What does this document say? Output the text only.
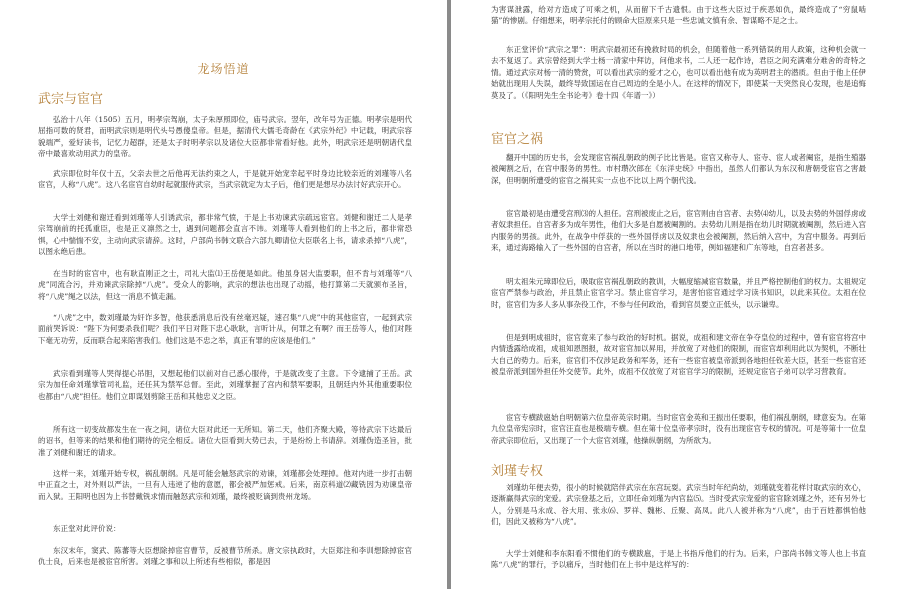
龙场悟道
武宗与宦官

弘治十八年（1505）五月，明孝宗驾崩，太子朱厚照即位，庙号武宗。翌年，改年号为正德。明孝宗是明代屈指可数的贤君，而明武宗则是明代头号愚傻皇帝。但是，据清代大儒毛奇龄在《武宗外纪》中记载，明武宗容貌端严，爱好读书，记忆力超群，还是太子时明孝宗以及诸位大臣都非常看好他。此外，明武宗还是明朝诸代皇帝中最喜欢动用武力的皇帝。

武宗即位时年仅十五，父亲去世之后他再无法约束之人，于是就开始宠幸起平时身边比较亲近的刘瑾等八名宦官，人称“八虎”。这八名宦官自幼时起就服侍武宗，当武宗就定为太子后，他们更是想尽办法讨好武宗开心。

大学士刘健和谢迁看到刘瑾等人引诱武宗，都非常气愤，于是上书劝谏武宗疏远宦官。刘健和谢迁二人是孝宗驾崩前的托孤重臣，也是正义凛然之士，遇到问题都会直言不讳。刘瑾等人看到他们的上书之后，都非常恐惧，心中惴惴不安，主动向武宗请辞。这时，户部尚书韩文联合六部九卿请位大臣联名上书，请求杀掉“八虎”，以图永绝后患。

在当时的宦官中，也有耿直刚正之士，司礼大监⑴王岳便是如此。他虽身居大监要职，但不肯与刘瑾等“八虎”同流合污，并劝谏武宗除掉“八虎”。受众人的影响，武宗的想法也出现了动摇，他打算第二天就颁布圣旨，将“八虎”绳之以法，但这一消息不慎走漏。

“八虎”之中，数刘瑾最为奸诈多智，他获悉消息后没有丝毫迟疑，速召集“八虎”中的其他宦官，一起到武宗面前哭诉说：“陛下为何要杀我们呢？我们平日对陛下忠心耿耿，言听计从，何罪之有啊？而王岳等人，他们对陛下毫无功劳，反而联合起来陷害我们。他们这是不忠之举，真正有罪的应该是他们。”

武宗看到瑾等人哭得提心吊胆，又想起他们以前对自己悉心服侍，于是就改变了主意。下令逮捕了王岳。武宗为加任命刘瑾掌管司礼监，还任其为禁军总督。至此，刘瑾掌握了宫内和禁军要职，且朝廷内外其他重要职位也都由“八虎”担任。他们立即谋划剪除王岳和其他忠义之臣。

所有这一切变故都发生在一夜之间，诸位大臣对此还一无所知。第二天，他们齐聚大殿，等待武宗下达最后的诏书，但等来的结果和他们期待的完全相反。诸位大臣看到大势已去，于是纷纷上书请辞。刘瑾伪造圣旨，批准了刘健和谢迁的请求。

这样一来，刘瑾开始专权，祸乱朝纲。凡是可能会触怒武宗的劝谏，刘瑾都会处理掉。他对内进一步打击朝中正直之士，对外则以严法，一旦有人违逆了他的意愿，都会被严加惩戒。后来，南京科道⑵藏铣因为劝谏皇帝而入狱。王阳明也因为上书替戴铣求情而触怒武宗和刘瑾，最终被贬谪到贵州龙场。

东正堂对此评价说：

东汉末年，窦武、陈蕃等大臣想除掉宦官曹节，反被曹节所杀。唐文宗执政时，大臣郑注和李训想除掉宦官仇士良，后来也是被宦官所害。刘瑾之事和以上所述有些相似，都是因

为害谋泄露，给对方造成了可乘之机，从而留下千古遗恨。由于这些大臣过于疾恶如仇，最终造成了“穷鼠啮猫”的惨剧。仔细想来，明孝宗托付的顾命大臣原来只是一些忠诚文慎有余、智谋略不足之士。

东正堂评价“武宗之罪”：明武宗最初还有挽救时局的机会，但随着他一系列错误的用人政策，这种机会就一去不复返了。武宗曾经到大学士杨一清家中拜访，问他求书，二人还一起作诗，君臣之间充满难分难舍的奇特之情。通过武宗对杨一清的赞赏，可以看出武宗的爱才之心，也可以看出他有成为英明君主的潜质。但由于他上任伊始就出现用人失误，最终导致国运在自己周边的全是小人。在这样的情况下，即使某一天突然良心发现，也是追悔莫及了。（《阳明先生全书论考》卷十四《年谱一》）

宦官之祸

翻开中国的历史书，会发现宦官祸乱朝政的例子比比皆是。宦官又称寺人、宦寺、宦人或者阉宦，是指生殖器被阉割之后，在宫中服务的男性。市村瓒次郎在《东洋史统》中指出，虽然人们都认为东汉和唐朝受宦官之害最深，但明朝所遭受的宦官之祸其实一点也不比以上两个朝代浅。

宦官最初是由遭受宫刑⑶的人担任。宫刑被废止之后，宦官则由自宫者、去势⑷幼儿，以及去势的外国俘虏或者奴隶担任。自宫者多为成年男性，他们大多是自愿被阉割的。去势幼儿则是指在幼儿时期就被阉割，然后进入宫内服务的男孩。此外，在战争中俘获的一些外国俘虏以及奴隶也会被阉割，然后纳入宫中，为宫中服务。再到后来，通过海路输入了一些外国的自宫者，所以在当时的港口地带，例如福建和广东等地，自宫者甚多。

明太祖朱元璋即位后，吸取宦官祸乱朝政的教训，大幅度缩减宦官数量，并且严格控制他们的权力。太祖规定宦官严禁参与政治，并且禁止宦官学习。禁止宦官学习，是害怕宦官通过学习读书知识，以此来其位。太祖在位时，宦官们为多人多从事杂役工作，不参与任何政治，看到官员要立正低头，以示谦卑。

但是到明成祖时，宦官竟来了参与政治的好时机。据说，成祖和建文帝在争夺皇位的过程中，曾有宦官将宫中内情透露给成祖，成祖知恩图报，故对宦官加以昇用，并放宽了对他们的限制，而宦官却利用此以为契机，不断壮大自己的势力。后来，宦官们不仅涉足政务和军务，还有一些宦官被皇帝派到各地担任钦差大臣，甚至一些宦官还被皇帝派到国外担任外交使节。此外，成祖不仅放宽了对宦官学习的限制，还规定宦官子弟可以学习营教育。

宦官专横跋扈始自明朝第六位皇帝英宗时期。当时宦官金英和王振出任要职，他们祸乱朝纲，肆意妄为。在第九位皇帝宪宗时，宦官汪直也是极端专横。但在第十位皇帝孝宗时，没有出现宦官专权的情况。可是等第十一位皇帝武宗即位后，又出现了一个大宦官刘瑾，他操纵朝纲，为所欲为。

刘瑾专权

刘瑾幼年便去势，很小的时候就陪伴武宗在东宫玩耍。武宗当时年纪尚幼，刘瑾就变着花样讨取武宗的欢心，逐渐赢得武宗的宠爱。武宗登基之后，立即任命刘瑾为内官监⑸。当时受武宗宠爱的宦官除刘瑾之外，还有另外七人，分别是马永成、谷大用、张永⑹、罗祥、魏彬、丘聚、高凤。此八人被并称为“八虎”，由于百姓都惧怕他们，因此又被称为“八虎”。

大学士刘健和李东阳看不惯他们的专横跋扈，于是上书指斥他们的行为。后来，户部尚书韩文等人也上书直陈“八虎”的罪行，予以痛斥，当时他们在上书中是这样写的：
